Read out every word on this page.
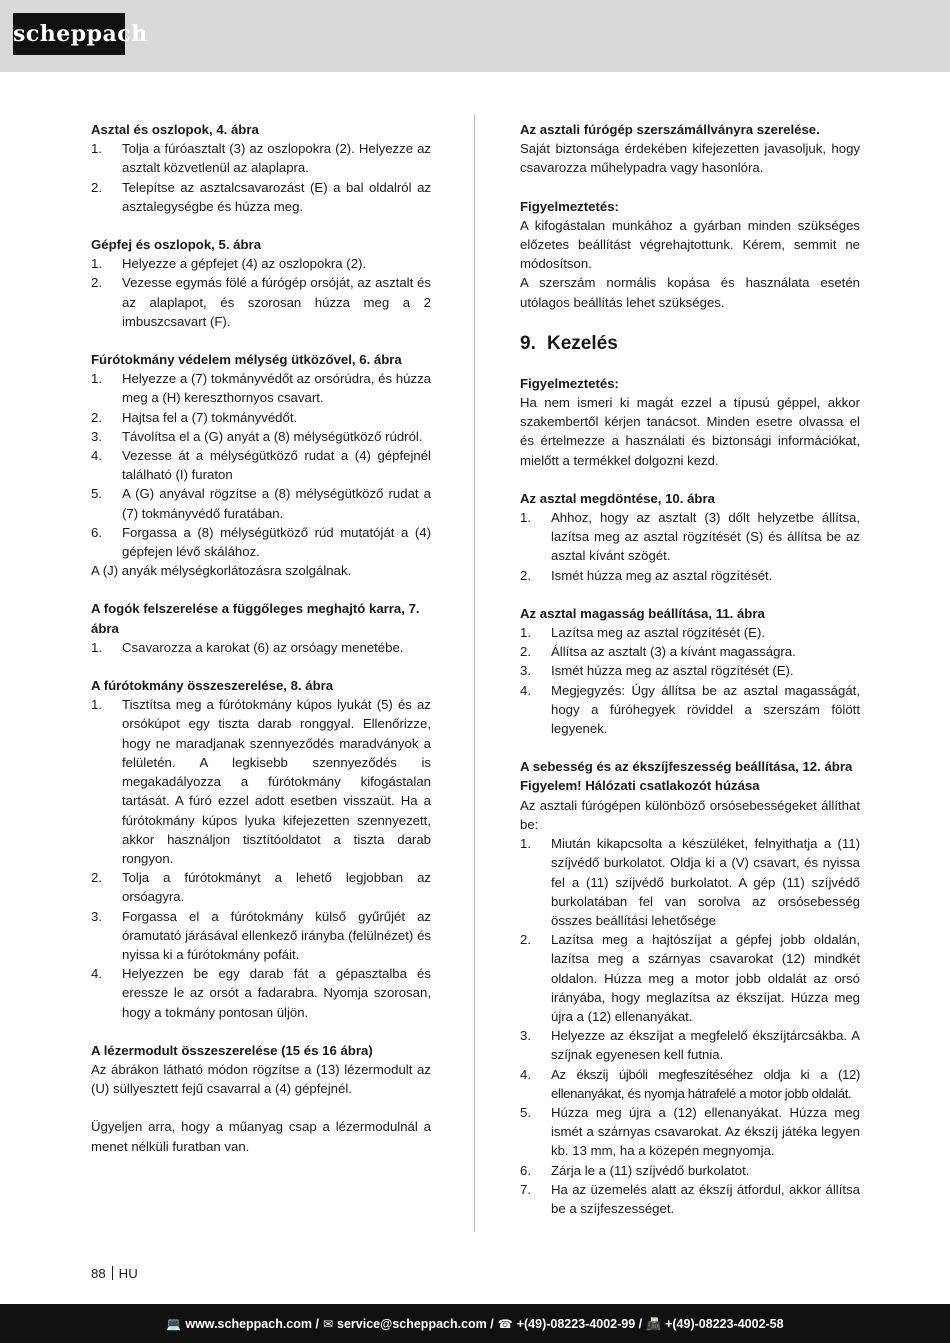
scheppach

Asztal és oszlopok, 4. ábra

1.	Tolja a fúróasztalt (3) az oszlopokra (2). Helyezze az asztalt közvetlenül az alaplapra.
2.	Telepítse az asztalcsavarozást (E) a bal oldalról az asztalegységbe és húzza meg.

Gépfej és oszlopok, 5. ábra

1.	Helyezze a gépfejet (4) az oszlopokra (2).
2.	Vezesse egymás fölé a fúrógép orsóját, az asztalt és az alaplapot, és szorosan húzza meg a 2 imbuszcsavart (F).

Fúrótokmány védelem mélység ütközővel, 6. ábra

1.	Helyezze a (7) tokmányvédőt az orsórúdra, és húzza meg a (H) kereszthornyos csavart.
2.	Hajtsa fel a (7) tokmányvédőt.
3.	Távolítsa el a (G) anyát a (8) mélységütköző rúdról.
4.	Vezesse át a mélységütköző rudat a (4) gépfejnél található (I) furaton
5.	A (G) anyával rögzítse a (8) mélységütköző rudat a (7) tokmányvédő furatában.
6.	Forgassa a (8) mélységütköző rúd mutatóját a (4) gépfejen lévő skálához.

A (J) anyák mélységkorlátozásra szolgálnak.

A fogók felszerelése a függőleges meghajtó karra, 7. ábra

1.	Csavarozza a karokat (6) az orsóagy menetébe.

A fúrótokmány összeszerelése, 8. ábra

1.	Tisztítsa meg a fúrótokmány kúpos lyukát (5) és az orsókúpot egy tiszta darab ronggyal. Ellenőrizze, hogy ne maradjanak szennyeződés maradványok a felületén. A legkisebb szennyeződés is megakadályozza a fúrótokmány kifogástalan tartását. A fúró ezzel adott esetben visszaüt. Ha a fúrótokmány kúpos lyuka kifejezetten szennyezett, akkor használjon tisztítóoldatot a tiszta darab rongyon.
2.	Tolja a fúrótokmányt a lehető legjobban az orsóagyra.
3.	Forgassa el a fúrótokmány külső gyűrűjét az óramutató járásával ellenkező irányba (felülnézet) és nyissa ki a fúrótokmány pofáit.
4.	Helyezzen be egy darab fát a gépasztalba és eressze le az orsót a fadarabra. Nyomja szorosan, hogy a tokmány pontosan üljön.

A lézermodult összeszerelése (15 és 16 ábra)

Az ábrákon látható módon rögzítse a (13) lézermodult az (U) süllyesztett fejű csavarral a (4) gépfejnél.

Ügyeljen arra, hogy a műanyag csap a lézermodulnál a menet nélküli furatban van.

Az asztali fúrógép szerszámállványra szerelése.

Saját biztonsága érdekében kifejezetten javasoljuk, hogy csavarozza műhelypadra vagy hasonlóra.

Figyelmeztetés:

A kifogástalan munkához a gyárban minden szükséges előzetes beállítást végrehajtottunk. Kérem, semmit ne módosítson.

A szerszám normális kopása és használata esetén utólagos beállítás lehet szükséges.

9. Kezelés

Figyelmeztetés:

Ha nem ismeri ki magát ezzel a típusú géppel, akkor szakembertől kérjen tanácsot. Minden esetre olvassa el és értelmezze a használati és biztonsági információkat, mielőtt a termékkel dolgozni kezd.

Az asztal megdöntése, 10. ábra

1.	Ahhoz, hogy az asztalt (3) dőlt helyzetbe állítsa, lazítsa meg az asztal rögzítését (S) és állítsa be az asztal kívánt szögét.
2.	Ismét húzza meg az asztal rögzítését.

Az asztal magasság beállítása, 11. ábra

1.	Lazítsa meg az asztal rögzítését (E).
2.	Állítsa az asztalt (3) a kívánt magasságra.
3.	Ismét húzza meg az asztal rögzítését (E).
4.	Megjegyzés: Úgy állítsa be az asztal magasságát, hogy a fúróhegyek röviddel a szerszám fölött legyenek.

A sebesség és az ékszíjfeszesség beállítása, 12. ábra

Figyelem! Hálózati csatlakozót húzása

Az asztali fúrógépen különböző orsósebességeket állíthat be:

1.	Miután kikapcsolta a készüléket, felnyithatja a (11) szíjvédő burkolatot. Oldja ki a (V) csavart, és nyissa fel a (11) szíjvédő burkolatot. A gép (11) szíjvédő burkolatában fel van sorolva az orsósebesség összes beállítási lehetősége
2.	Lazítsa meg a hajtószíjat a gépfej jobb oldalán, lazítsa meg a szárnyas csavarokat (12) mindkét oldalon. Húzza meg a motor jobb oldalát az orsó irányába, hogy meglazítsa az ékszíjat. Húzza meg újra a (12) ellenanyákat.
3.	Helyezze az ékszíjat a megfelelő ékszíjtárcsákba. A szíjnak egyenesen kell futnia.
4.	Az ékszíj újbóli megfeszítéséhez oldja ki a (12) ellenanyákat, és nyomja hátrafelé a motor jobb oldalát.
5.	Húzza meg újra a (12) ellenanyákat. Húzza meg ismét a szárnyas csavarokat. Az ékszíj játéka legyen kb. 13 mm, ha a közepén megnyomja.
6.	Zárja le a (11) szíjvédő burkolatot.
7.	Ha az üzemelés alatt az ékszíj átfordul, akkor állítsa be a szíjfeszességet.
88 HU
💻 www.scheppach.com / ✉ service@scheppach.com / ☎ +(49)-08223-4002-99 / 📠 +(49)-08223-4002-58
